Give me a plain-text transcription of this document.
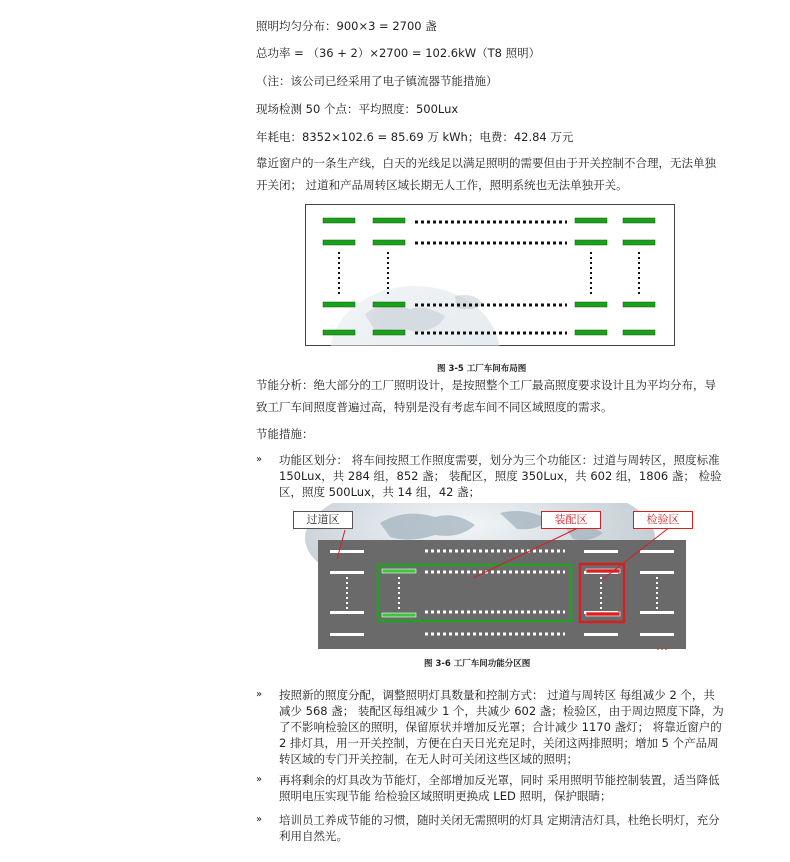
照明均匀分布：900×3 = 2700 盏
总功率 = （36 + 2）×2700 = 102.6kW（T8 照明）
（注：该公司已经采用了电子镇流器节能措施）
现场检测 50 个点：平均照度：500Lux
年耗电：8352×102.6 = 85.69 万 kWh；电费：42.84 万元
靠近窗户的一条生产线，白天的光线足以满足照明的需要但由于开关控制不合理，无法单独开关闭； 过道和产品周转区域长期无人工作，照明系统也无法单独开关。
图 3-5 工厂车间布局图
节能分析：绝大部分的工厂照明设计，是按照整个工厂最高照度要求设计且为平均分布，导致工厂车间照度普遍过高，特别是没有考虑车间不同区域照度的需求。
节能措施：
» 功能区划分： 将车间按照工作照度需要，划分为三个功能区：过道与周转区，照度标准 150Lux，共 284 组，852 盏； 装配区，照度 350Lux，共 602 组，1806 盏； 检验区，照度 500Lux，共 14 组，42 盏；
过道区	装配区	检验区
图 3-6 工厂车间功能分区图
» 按照新的照度分配，调整照明灯具数量和控制方式： 过道与周转区 每组减少 2 个，共减少 568 盏； 装配区每组减少 1 个，共减少 602 盏；检验区，由于周边照度下降，为了不影响检验区的照明，保留原状并增加反光罩；合计减少 1170 盏灯； 将靠近窗户的 2 排灯具，用一开关控制，方便在白天日光充足时，关闭这两排照明；增加 5 个产品周转区域的专门开关控制，在无人时可关闭这些区域的照明；
» 再将剩余的灯具改为节能灯，全部增加反光罩，同时 采用照明节能控制装置，适当降低照明电压实现节能 给检验区域照明更换成 LED 照明，保护眼睛；
» 培训员工养成节能的习惯，随时关闭无需照明的灯具 定期清洁灯具，杜绝长明灯，充分利用自然光。
